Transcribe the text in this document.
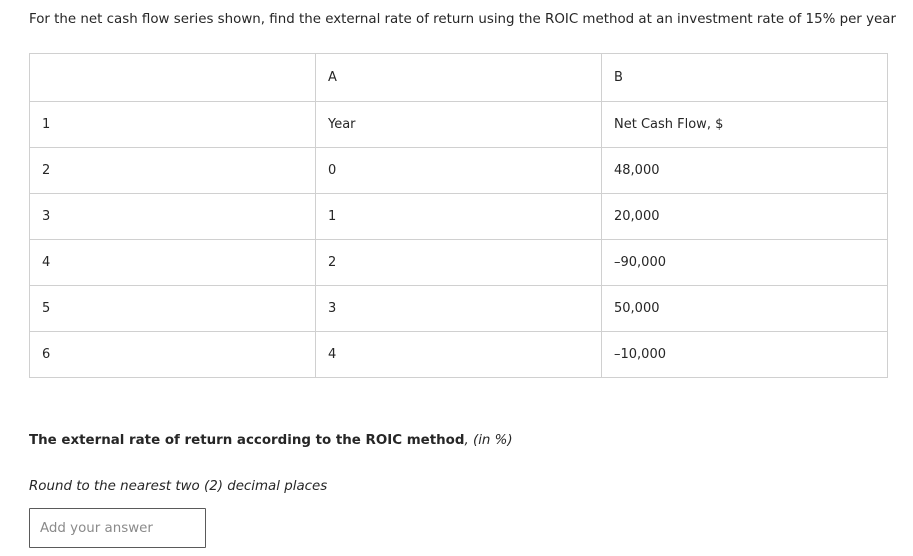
For the net cash flow series shown, find the external rate of return using the ROIC method at an investment rate of 15% per year

	A	B
1	Year	Net Cash Flow, $
2	0	48,000
3	1	20,000
4	2	–90,000
5	3	50,000
6	4	–10,000

The external rate of return according to the ROIC method, (in %)

Round to the nearest two (2) decimal places

Add your answer
